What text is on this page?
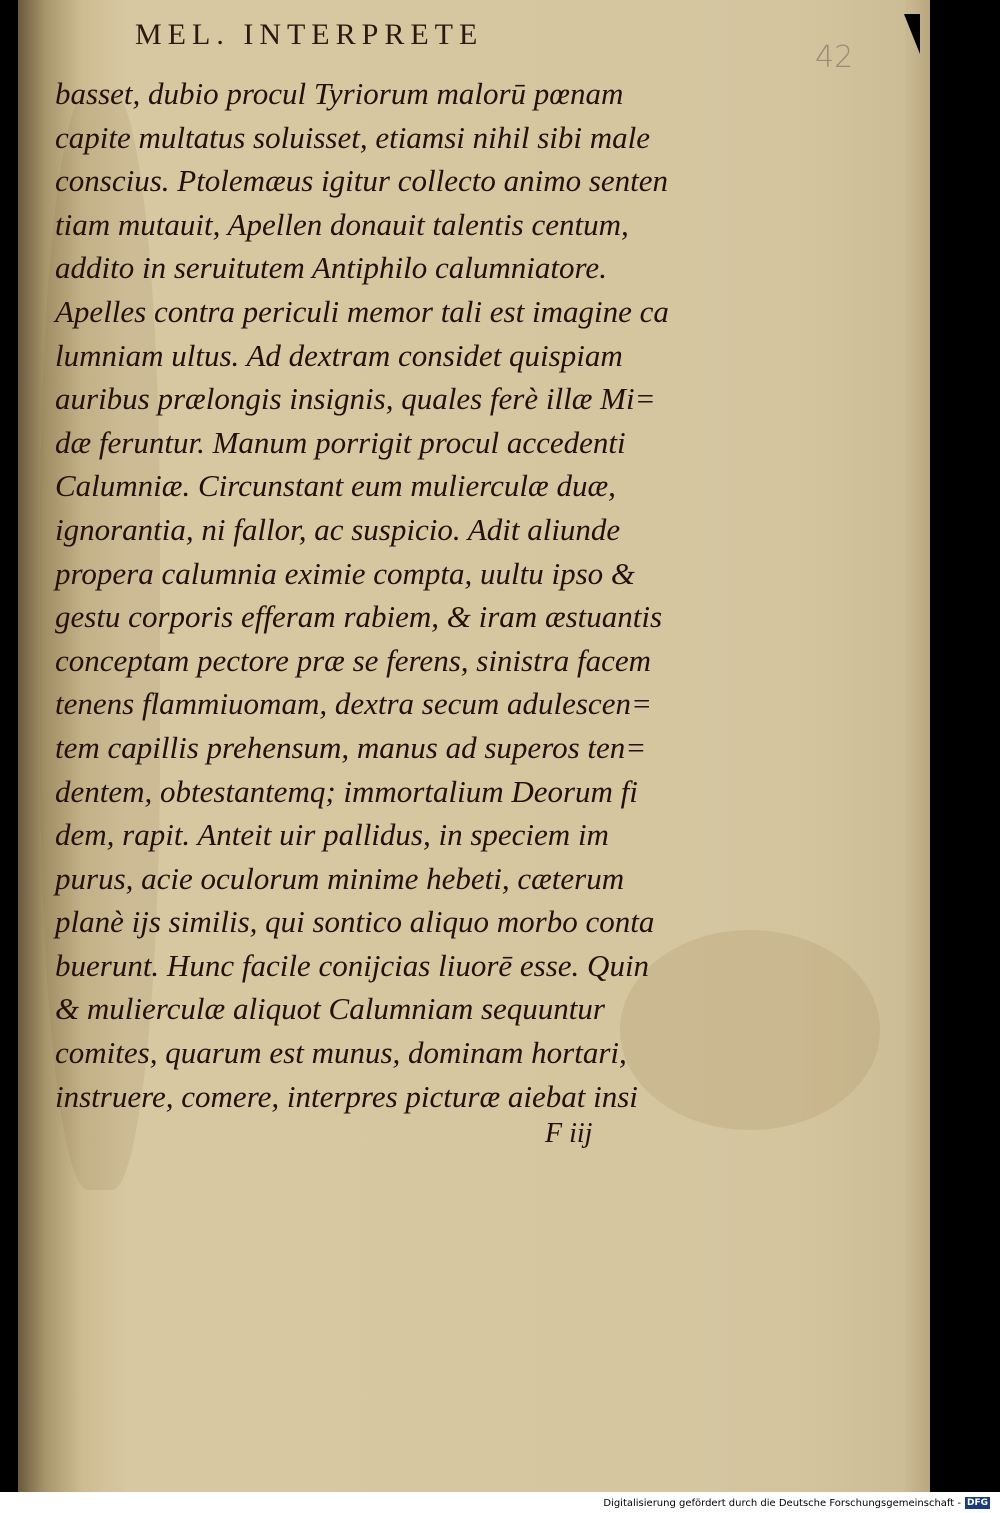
MEL. INTERPRETE
42
basset, dubio procul Tyriorum malorū pœnam
capite multatus soluisset, etiamsi nihil sibi male
conscius. Ptolemæus igitur collecto animo senten
tiam mutauit, Apellen donauit talentis centum,
addito in seruitutem Antiphilo calumniatore.
Apelles contra periculi memor tali est imagine ca
lumniam ultus. Ad dextram considet quispiam
auribus prælongis insignis, quales ferè illæ Mi=
dæ feruntur. Manum porrigit procul accedenti
Calumniæ. Circunstant eum mulierculæ duæ,
ignorantia, ni fallor, ac suspicio. Adit aliunde
propera calumnia eximie compta, uultu ipso &
gestu corporis efferam rabiem, & iram æstuantis
conceptam pectore præ se ferens, sinistra facem
tenens flammiuomam, dextra secum adulescen=
tem capillis prehensum, manus ad superos ten=
dentem, obtestantemq; immortalium Deorum fi
dem, rapit. Anteit uir pallidus, in speciem im
purus, acie oculorum minime hebeti, cæterum
planè ijs similis, qui sontico aliquo morbo conta
buerunt. Hunc facile conijcias liuorē esse. Quin
& mulierculæ aliquot Calumniam sequuntur
comites, quarum est munus, dominam hortari,
instruere, comere, interpres picturæ aiebat insi
F iij
Digitalisierung gefördert durch die Deutsche Forschungsgemeinschaft - DFG
